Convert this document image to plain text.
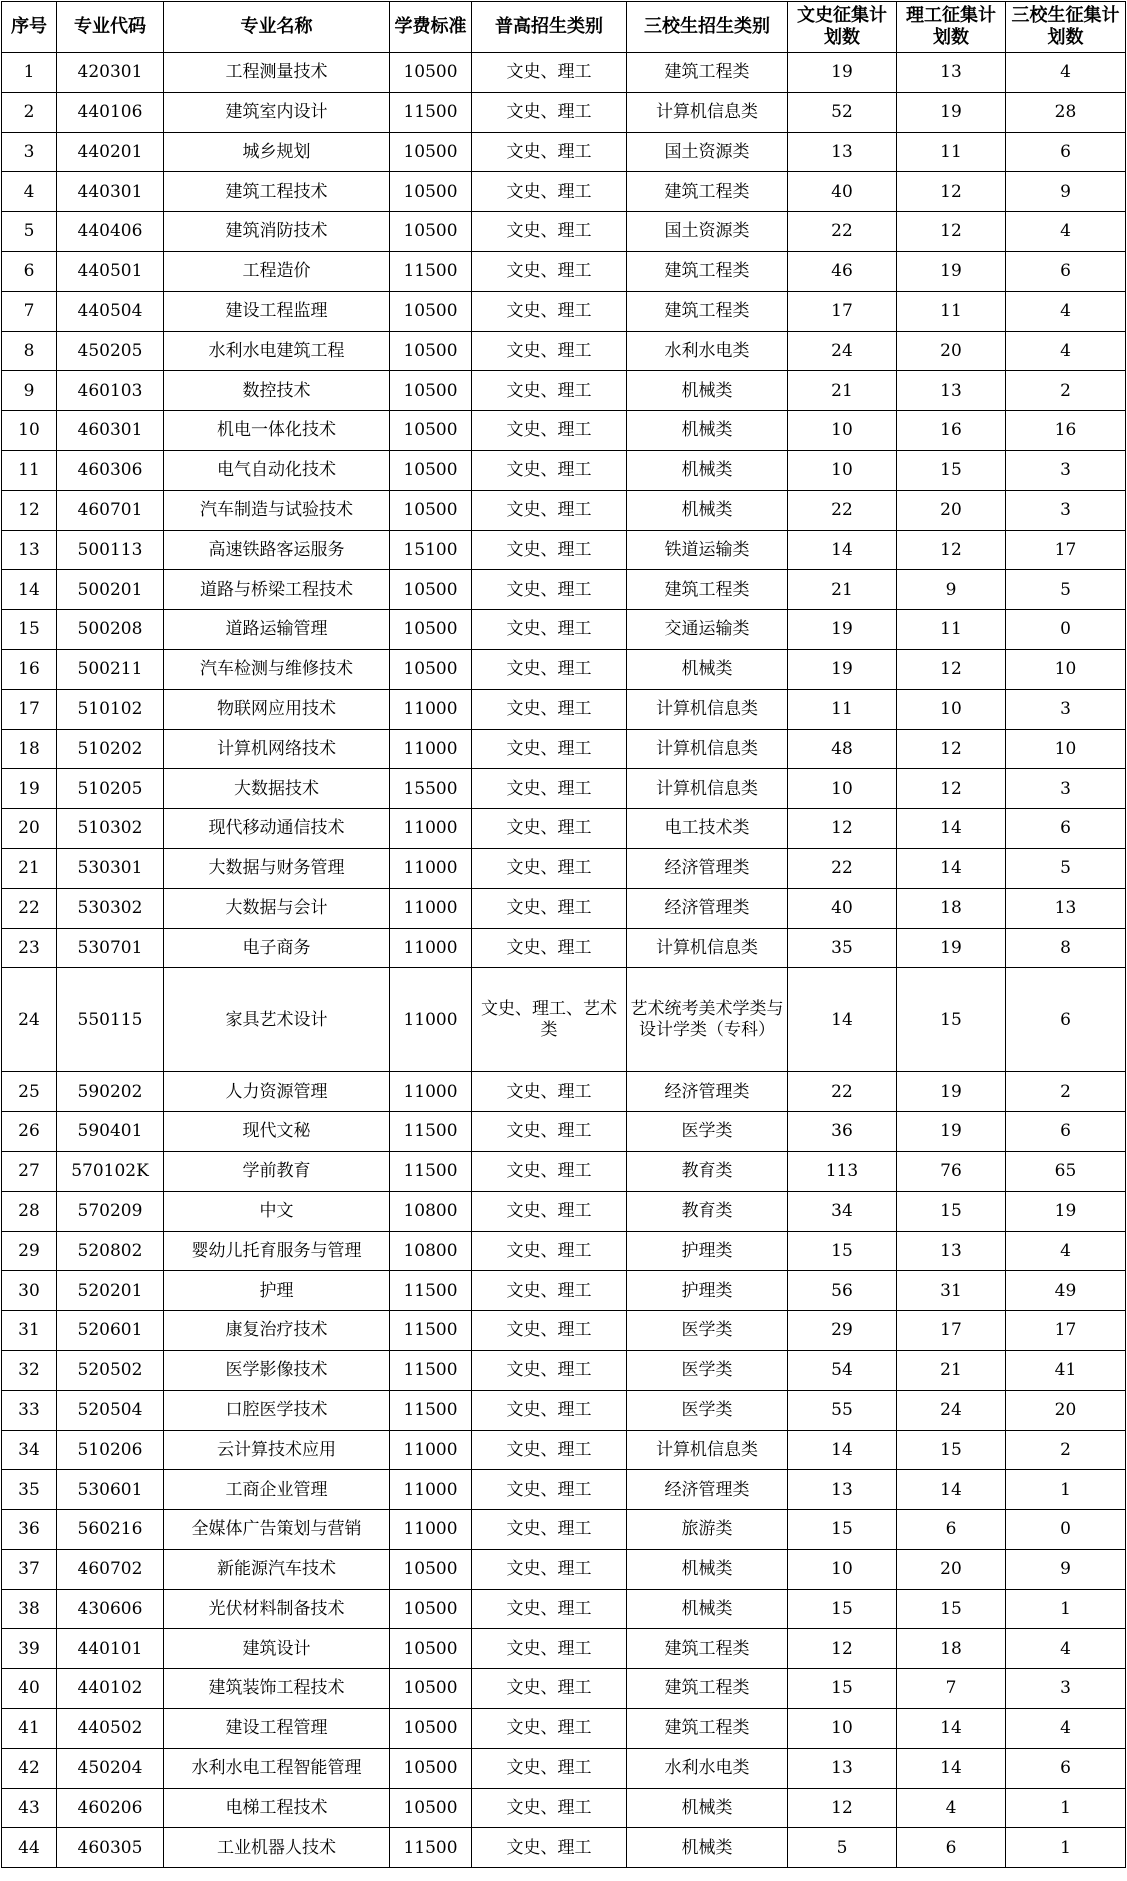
序号	专业代码	专业名称	学费标准	普高招生类别	三校生招生类别	文史征集计划数	理工征集计划数	三校生征集计划数
1	420301	工程测量技术	10500	文史、理工	建筑工程类	19	13	4
2	440106	建筑室内设计	11500	文史、理工	计算机信息类	52	19	28
3	440201	城乡规划	10500	文史、理工	国土资源类	13	11	6
4	440301	建筑工程技术	10500	文史、理工	建筑工程类	40	12	9
5	440406	建筑消防技术	10500	文史、理工	国土资源类	22	12	4
6	440501	工程造价	11500	文史、理工	建筑工程类	46	19	6
7	440504	建设工程监理	10500	文史、理工	建筑工程类	17	11	4
8	450205	水利水电建筑工程	10500	文史、理工	水利水电类	24	20	4
9	460103	数控技术	10500	文史、理工	机械类	21	13	2
10	460301	机电一体化技术	10500	文史、理工	机械类	10	16	16
11	460306	电气自动化技术	10500	文史、理工	机械类	10	15	3
12	460701	汽车制造与试验技术	10500	文史、理工	机械类	22	20	3
13	500113	高速铁路客运服务	15100	文史、理工	铁道运输类	14	12	17
14	500201	道路与桥梁工程技术	10500	文史、理工	建筑工程类	21	9	5
15	500208	道路运输管理	10500	文史、理工	交通运输类	19	11	0
16	500211	汽车检测与维修技术	10500	文史、理工	机械类	19	12	10
17	510102	物联网应用技术	11000	文史、理工	计算机信息类	11	10	3
18	510202	计算机网络技术	11000	文史、理工	计算机信息类	48	12	10
19	510205	大数据技术	15500	文史、理工	计算机信息类	10	12	3
20	510302	现代移动通信技术	11000	文史、理工	电工技术类	12	14	6
21	530301	大数据与财务管理	11000	文史、理工	经济管理类	22	14	5
22	530302	大数据与会计	11000	文史、理工	经济管理类	40	18	13
23	530701	电子商务	11000	文史、理工	计算机信息类	35	19	8
24	550115	家具艺术设计	11000	文史、理工、艺术类	艺术统考美术学类与设计学类（专科）	14	15	6
25	590202	人力资源管理	11000	文史、理工	经济管理类	22	19	2
26	590401	现代文秘	11500	文史、理工	医学类	36	19	6
27	570102K	学前教育	11500	文史、理工	教育类	113	76	65
28	570209	中文	10800	文史、理工	教育类	34	15	19
29	520802	婴幼儿托育服务与管理	10800	文史、理工	护理类	15	13	4
30	520201	护理	11500	文史、理工	护理类	56	31	49
31	520601	康复治疗技术	11500	文史、理工	医学类	29	17	17
32	520502	医学影像技术	11500	文史、理工	医学类	54	21	41
33	520504	口腔医学技术	11500	文史、理工	医学类	55	24	20
34	510206	云计算技术应用	11000	文史、理工	计算机信息类	14	15	2
35	530601	工商企业管理	11000	文史、理工	经济管理类	13	14	1
36	560216	全媒体广告策划与营销	11000	文史、理工	旅游类	15	6	0
37	460702	新能源汽车技术	10500	文史、理工	机械类	10	20	9
38	430606	光伏材料制备技术	10500	文史、理工	机械类	15	15	1
39	440101	建筑设计	10500	文史、理工	建筑工程类	12	18	4
40	440102	建筑装饰工程技术	10500	文史、理工	建筑工程类	15	7	3
41	440502	建设工程管理	10500	文史、理工	建筑工程类	10	14	4
42	450204	水利水电工程智能管理	10500	文史、理工	水利水电类	13	14	6
43	460206	电梯工程技术	10500	文史、理工	机械类	12	4	1
44	460305	工业机器人技术	11500	文史、理工	机械类	5	6	1
